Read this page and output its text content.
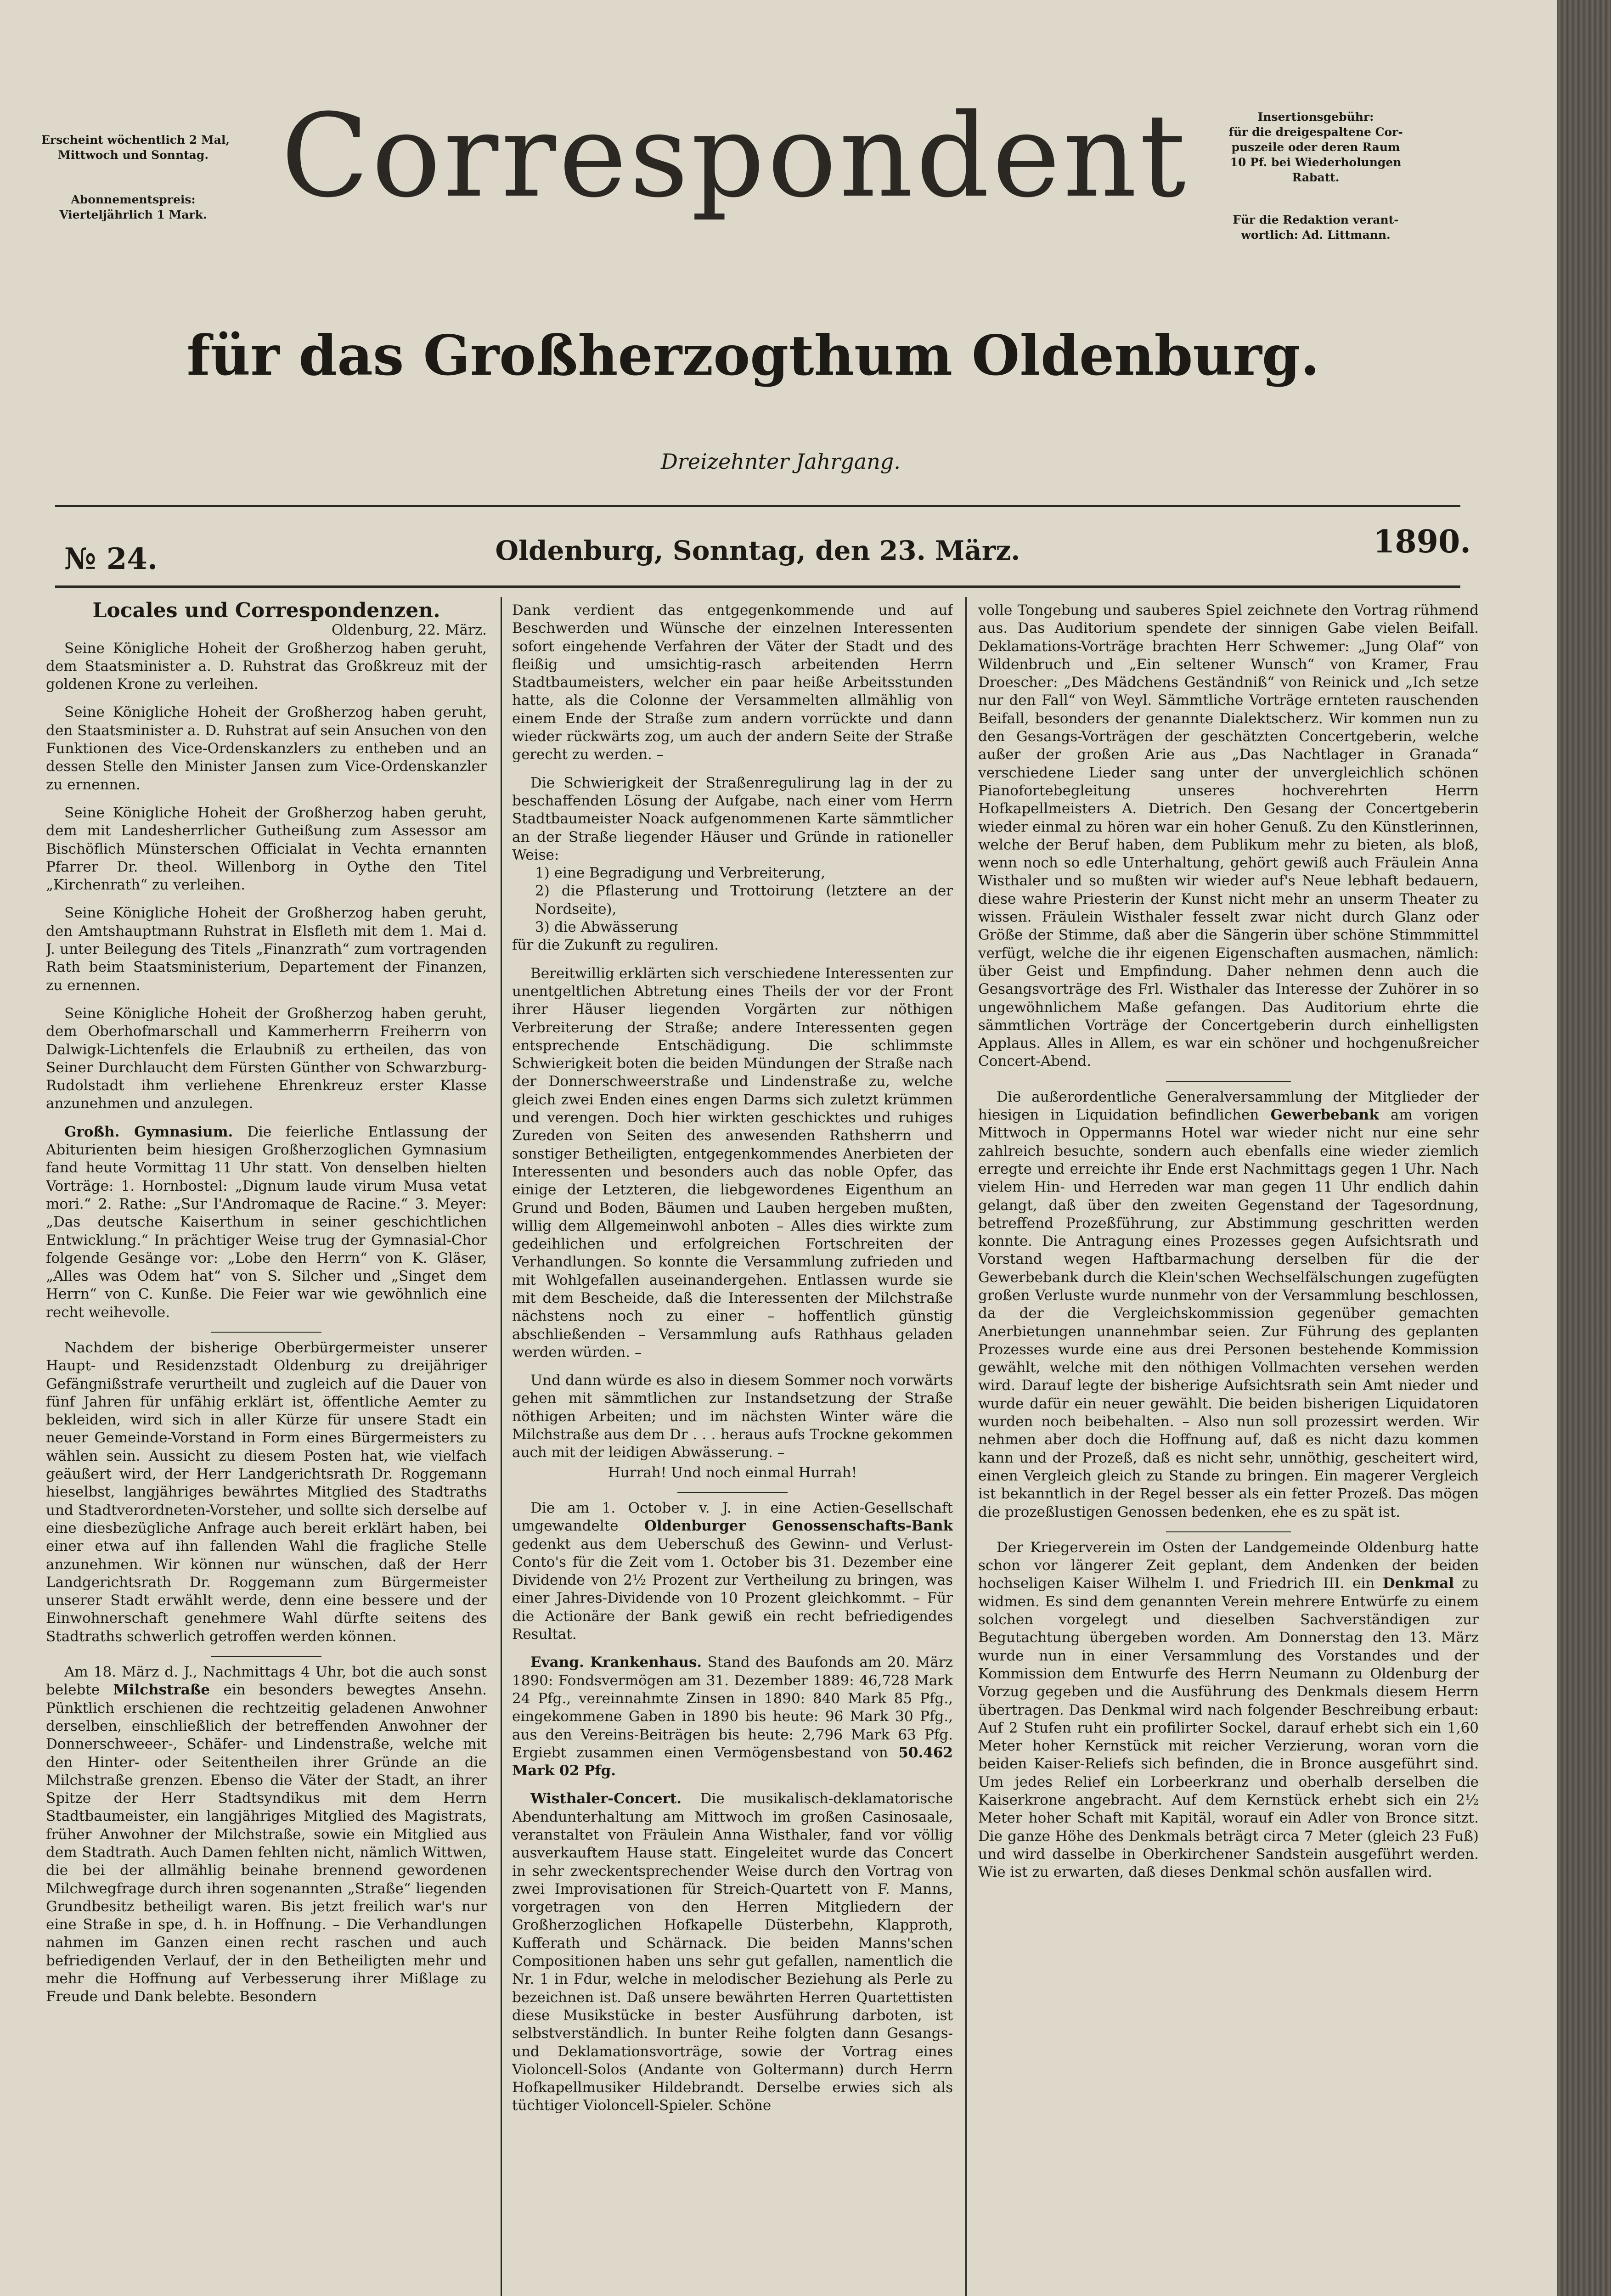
Erscheint wöchentlich 2 Mal,
Mittwoch und Sonntag.
Abonnementspreis:
Vierteljährlich 1 Mark.
Insertionsgebühr:
für die dreigespaltene Cor-
puszeile oder deren Raum
10 Pf. bei Wiederholungen
Rabatt.
Für die Redaktion verant-
wortlich: Ad. Littmann.
Correspondent
für das Großherzogthum Oldenburg.
Dreizehnter Jahrgang.
№ 24.	Oldenburg, Sonntag, den 23. März.	1890.
Locales und Correspondenzen.

Oldenburg, 22. März.

Seine Königliche Hoheit der Großherzog haben geruht, dem Staatsminister a. D. Ruhstrat das Großkreuz mit der goldenen Krone zu verleihen.

Seine Königliche Hoheit der Großherzog haben geruht, den Staatsminister a. D. Ruhstrat auf sein Ansuchen von den Funktionen des Vice-Ordenskanzlers zu entheben und an dessen Stelle den Minister Jansen zum Vice-Ordenskanzler zu ernennen.

Seine Königliche Hoheit der Großherzog haben geruht, dem mit Landesherrlicher Gutheißung zum Assessor am Bischöflich Münsterschen Officialat in Vechta ernannten Pfarrer Dr. theol. Willenborg in Oythe den Titel „Kirchenrath“ zu verleihen.

Seine Königliche Hoheit der Großherzog haben geruht, den Amtshauptmann Ruhstrat in Elsfleth mit dem 1. Mai d. J. unter Beilegung des Titels „Finanzrath“ zum vortragenden Rath beim Staatsministerium, Departement der Finanzen, zu ernennen.

Seine Königliche Hoheit der Großherzog haben geruht, dem Oberhofmarschall und Kammerherrn Freiherrn von Dalwigk-Lichtenfels die Erlaubniß zu ertheilen, das von Seiner Durchlaucht dem Fürsten Günther von Schwarzburg-Rudolstadt ihm verliehene Ehrenkreuz erster Klasse anzunehmen und anzulegen.

Großh. Gymnasium. Die feierliche Entlassung der Abiturienten beim hiesigen Großherzoglichen Gymnasium fand heute Vormittag 11 Uhr statt. Von denselben hielten Vorträge: 1. Hornbostel: „Dignum laude virum Musa vetat mori.“ 2. Rathe: „Sur l'Andromaque de Racine.“ 3. Meyer: „Das deutsche Kaiserthum in seiner geschichtlichen Entwicklung.“ In prächtiger Weise trug der Gymnasial-Chor folgende Gesänge vor: „Lobe den Herrn“ von K. Gläser, „Alles was Odem hat“ von S. Silcher und „Singet dem Herrn“ von C. Kunße. Die Feier war wie gewöhnlich eine recht weihevolle.

Nachdem der bisherige Oberbürgermeister unserer Haupt- und Residenzstadt Oldenburg zu dreijähriger Gefängnißstrafe verurtheilt und zugleich auf die Dauer von fünf Jahren für unfähig erklärt ist, öffentliche Aemter zu bekleiden, wird sich in aller Kürze für unsere Stadt ein neuer Gemeinde-Vorstand in Form eines Bürgermeisters zu wählen sein. Aussicht zu diesem Posten hat, wie vielfach geäußert wird, der Herr Landgerichtsrath Dr. Roggemann hieselbst, langjähriges bewährtes Mitglied des Stadtraths und Stadtverordneten-Vorsteher, und sollte sich derselbe auf eine diesbezügliche Anfrage auch bereit erklärt haben, bei einer etwa auf ihn fallenden Wahl die fragliche Stelle anzunehmen. Wir können nur wünschen, daß der Herr Landgerichtsrath Dr. Roggemann zum Bürgermeister unserer Stadt erwählt werde, denn eine bessere und der Einwohnerschaft genehmere Wahl dürfte seitens des Stadtraths schwerlich getroffen werden können.

Am 18. März d. J., Nachmittags 4 Uhr, bot die auch sonst belebte Milchstraße ein besonders bewegtes Ansehn. Pünktlich erschienen die rechtzeitig geladenen Anwohner derselben, einschließlich der betreffenden Anwohner der Donnerschweeer-, Schäfer- und Lindenstraße, welche mit den Hinter- oder Seitentheilen ihrer Gründe an die Milchstraße grenzen. Ebenso die Väter der Stadt, an ihrer Spitze der Herr Stadtsyndikus mit dem Herrn Stadtbaumeister, ein langjähriges Mitglied des Magistrats, früher Anwohner der Milchstraße, sowie ein Mitglied aus dem Stadtrath. Auch Damen fehlten nicht, nämlich Wittwen, die bei der allmählig beinahe brennend gewordenen Milchwegfrage durch ihren sogenannten „Straße“ liegenden Grundbesitz betheiligt waren. Bis jetzt freilich war's nur eine Straße in spe, d. h. in Hoffnung. – Die Verhandlungen nahmen im Ganzen einen recht raschen und auch befriedigenden Verlauf, der in den Betheiligten mehr und mehr die Hoffnung auf Verbesserung ihrer Mißlage zu Freude und Dank belebte. Besondern

Dank verdient das entgegenkommende und auf Beschwerden und Wünsche der einzelnen Interessenten sofort eingehende Verfahren der Väter der Stadt und des fleißig und umsichtig-rasch arbeitenden Herrn Stadtbaumeisters, welcher ein paar heiße Arbeitsstunden hatte, als die Colonne der Versammelten allmählig von einem Ende der Straße zum andern vorrückte und dann wieder rückwärts zog, um auch der andern Seite der Straße gerecht zu werden. –

Die Schwierigkeit der Straßenregulirung lag in der zu beschaffenden Lösung der Aufgabe, nach einer vom Herrn Stadtbaumeister Noack aufgenommenen Karte sämmtlicher an der Straße liegender Häuser und Gründe in rationeller Weise:

1) eine Begradigung und Verbreiterung,
2) die Pflasterung und Trottoirung (letztere an der Nordseite),
3) die Abwässerung

für die Zukunft zu reguliren.

Bereitwillig erklärten sich verschiedene Interessenten zur unentgeltlichen Abtretung eines Theils der vor der Front ihrer Häuser liegenden Vorgärten zur nöthigen Verbreiterung der Straße; andere Interessenten gegen entsprechende Entschädigung. Die schlimmste Schwierigkeit boten die beiden Mündungen der Straße nach der Donnerschweerstraße und Lindenstraße zu, welche gleich zwei Enden eines engen Darms sich zuletzt krümmen und verengen. Doch hier wirkten geschicktes und ruhiges Zureden von Seiten des anwesenden Rathsherrn und sonstiger Betheiligten, entgegenkommendes Anerbieten der Interessenten und besonders auch das noble Opfer, das einige der Letzteren, die liebgewordenes Eigenthum an Grund und Boden, Bäumen und Lauben hergeben mußten, willig dem Allgemeinwohl anboten – Alles dies wirkte zum gedeihlichen und erfolgreichen Fortschreiten der Verhandlungen. So konnte die Versammlung zufrieden und mit Wohlgefallen auseinandergehen. Entlassen wurde sie mit dem Bescheide, daß die Interessenten der Milchstraße nächstens noch zu einer – hoffentlich günstig abschließenden – Versammlung aufs Rathhaus geladen werden würden. –

Und dann würde es also in diesem Sommer noch vorwärts gehen mit sämmtlichen zur Instandsetzung der Straße nöthigen Arbeiten; und im nächsten Winter wäre die Milchstraße aus dem Dr . . . heraus aufs Trockne gekommen auch mit der leidigen Abwässerung. –

Hurrah! Und noch einmal Hurrah!

Die am 1. October v. J. in eine Actien-Gesellschaft umgewandelte Oldenburger Genossenschafts-Bank gedenkt aus dem Ueberschuß des Gewinn- und Verlust-Conto's für die Zeit vom 1. October bis 31. Dezember eine Dividende von 2½ Prozent zur Vertheilung zu bringen, was einer Jahres-Dividende von 10 Prozent gleichkommt. – Für die Actionäre der Bank gewiß ein recht befriedigendes Resultat.

Evang. Krankenhaus. Stand des Baufonds am 20. März 1890: Fondsvermögen am 31. Dezember 1889: 46,728 Mark 24 Pfg., vereinnahmte Zinsen in 1890: 840 Mark 85 Pfg., eingekommene Gaben in 1890 bis heute: 96 Mark 30 Pfg., aus den Vereins-Beiträgen bis heute: 2,796 Mark 63 Pfg. Ergiebt zusammen einen Vermögensbestand von 50.462 Mark 02 Pfg.

Wisthaler-Concert. Die musikalisch-deklamatorische Abendunterhaltung am Mittwoch im großen Casinosaale, veranstaltet von Fräulein Anna Wisthaler, fand vor völlig ausverkauftem Hause statt. Eingeleitet wurde das Concert in sehr zweckentsprechender Weise durch den Vortrag von zwei Improvisationen für Streich-Quartett von F. Manns, vorgetragen von den Herren Mitgliedern der Großherzoglichen Hofkapelle Düsterbehn, Klapproth, Kufferath und Schärnack. Die beiden Manns'schen Compositionen haben uns sehr gut gefallen, namentlich die Nr. 1 in Fdur, welche in melodischer Beziehung als Perle zu bezeichnen ist. Daß unsere bewährten Herren Quartettisten diese Musikstücke in bester Ausführung darboten, ist selbstverständlich. In bunter Reihe folgten dann Gesangs- und Deklamationsvorträge, sowie der Vortrag eines Violoncell-Solos (Andante von Goltermann) durch Herrn Hofkapellmusiker Hildebrandt. Derselbe erwies sich als tüchtiger Violoncell-Spieler. Schöne

volle Tongebung und sauberes Spiel zeichnete den Vortrag rühmend aus. Das Auditorium spendete der sinnigen Gabe vielen Beifall. Deklamations-Vorträge brachten Herr Schwemer: „Jung Olaf“ von Wildenbruch und „Ein seltener Wunsch“ von Kramer, Frau Droescher: „Des Mädchens Geständniß“ von Reinick und „Ich setze nur den Fall“ von Weyl. Sämmtliche Vorträge ernteten rauschenden Beifall, besonders der genannte Dialektscherz. Wir kommen nun zu den Gesangs-Vorträgen der geschätzten Concertgeberin, welche außer der großen Arie aus „Das Nachtlager in Granada“ verschiedene Lieder sang unter der unvergleichlich schönen Pianofortebegleitung unseres hochverehrten Herrn Hofkapellmeisters A. Dietrich. Den Gesang der Concertgeberin wieder einmal zu hören war ein hoher Genuß. Zu den Künstlerinnen, welche der Beruf haben, dem Publikum mehr zu bieten, als bloß, wenn noch so edle Unterhaltung, gehört gewiß auch Fräulein Anna Wisthaler und so mußten wir wieder auf's Neue lebhaft bedauern, diese wahre Priesterin der Kunst nicht mehr an unserm Theater zu wissen. Fräulein Wisthaler fesselt zwar nicht durch Glanz oder Größe der Stimme, daß aber die Sängerin über schöne Stimmmittel verfügt, welche die ihr eigenen Eigenschaften ausmachen, nämlich: über Geist und Empfindung. Daher nehmen denn auch die Gesangsvorträge des Frl. Wisthaler das Interesse der Zuhörer in so ungewöhnlichem Maße gefangen. Das Auditorium ehrte die sämmtlichen Vorträge der Concertgeberin durch einhelligsten Applaus. Alles in Allem, es war ein schöner und hochgenußreicher Concert-Abend.

Die außerordentliche Generalversammlung der Mitglieder der hiesigen in Liquidation befindlichen Gewerbebank am vorigen Mittwoch in Oppermanns Hotel war wieder nicht nur eine sehr zahlreich besuchte, sondern auch ebenfalls eine wieder ziemlich erregte und erreichte ihr Ende erst Nachmittags gegen 1 Uhr. Nach vielem Hin- und Herreden war man gegen 11 Uhr endlich dahin gelangt, daß über den zweiten Gegenstand der Tagesordnung, betreffend Prozeßführung, zur Abstimmung geschritten werden konnte. Die Antragung eines Prozesses gegen Aufsichtsrath und Vorstand wegen Haftbarmachung derselben für die der Gewerbebank durch die Klein'schen Wechselfälschungen zugefügten großen Verluste wurde nunmehr von der Versammlung beschlossen, da der die Vergleichskommission gegenüber gemachten Anerbietungen unannehmbar seien. Zur Führung des geplanten Prozesses wurde eine aus drei Personen bestehende Kommission gewählt, welche mit den nöthigen Vollmachten versehen werden wird. Darauf legte der bisherige Aufsichtsrath sein Amt nieder und wurde dafür ein neuer gewählt. Die beiden bisherigen Liquidatoren wurden noch beibehalten. – Also nun soll prozessirt werden. Wir nehmen aber doch die Hoffnung auf, daß es nicht dazu kommen kann und der Prozeß, daß es nicht sehr, unnöthig, gescheitert wird, einen Vergleich gleich zu Stande zu bringen. Ein magerer Vergleich ist bekanntlich in der Regel besser als ein fetter Prozeß. Das mögen die prozeßlustigen Genossen bedenken, ehe es zu spät ist.

Der Kriegerverein im Osten der Landgemeinde Oldenburg hatte schon vor längerer Zeit geplant, dem Andenken der beiden hochseligen Kaiser Wilhelm I. und Friedrich III. ein Denkmal zu widmen. Es sind dem genannten Verein mehrere Entwürfe zu einem solchen vorgelegt und dieselben Sachverständigen zur Begutachtung übergeben worden. Am Donnerstag den 13. März wurde nun in einer Versammlung des Vorstandes und der Kommission dem Entwurfe des Herrn Neumann zu Oldenburg der Vorzug gegeben und die Ausführung des Denkmals diesem Herrn übertragen. Das Denkmal wird nach folgender Beschreibung erbaut: Auf 2 Stufen ruht ein profilirter Sockel, darauf erhebt sich ein 1,60 Meter hoher Kernstück mit reicher Verzierung, woran vorn die beiden Kaiser-Reliefs sich befinden, die in Bronce ausgeführt sind. Um jedes Relief ein Lorbeerkranz und oberhalb derselben die Kaiserkrone angebracht. Auf dem Kernstück erhebt sich ein 2½ Meter hoher Schaft mit Kapitäl, worauf ein Adler von Bronce sitzt. Die ganze Höhe des Denkmals beträgt circa 7 Meter (gleich 23 Fuß) und wird dasselbe in Oberkirchener Sandstein ausgeführt werden. Wie ist zu erwarten, daß dieses Denkmal schön ausfallen wird.
